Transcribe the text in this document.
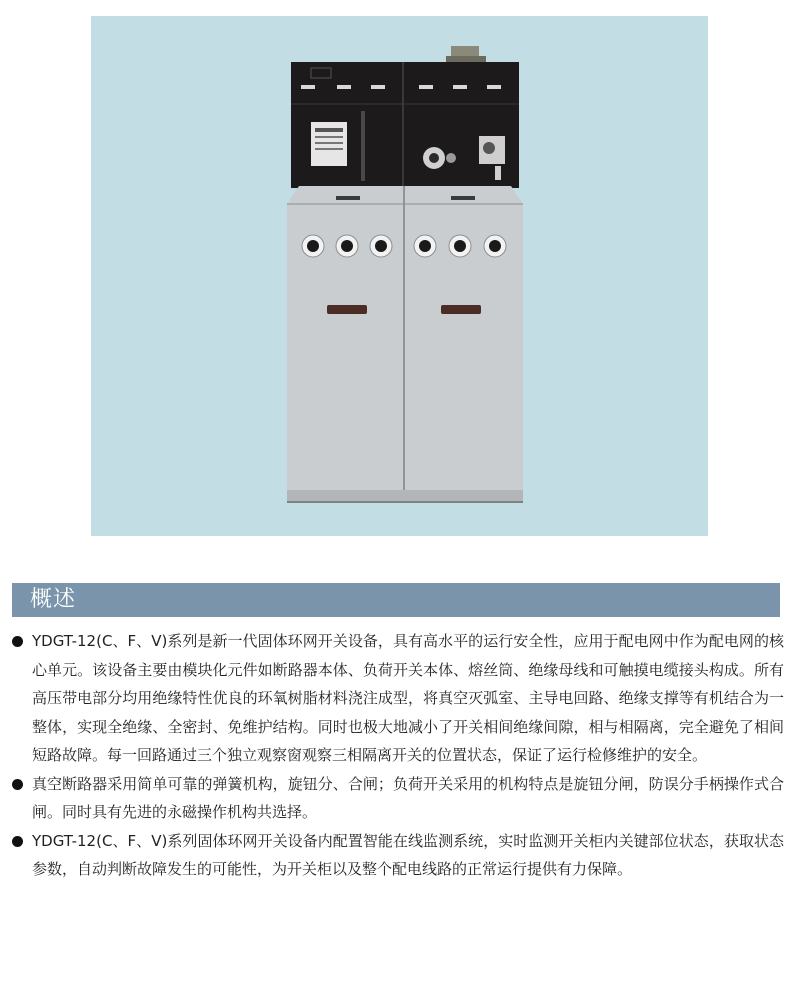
概述
YDGT-12(C、F、V)系列是新一代固体环网开关设备，具有高水平的运行安全性，应用于配电网中作为配电网的核心单元。该设备主要由模块化元件如断路器本体、负荷开关本体、熔丝筒、绝缘母线和可触摸电缆接头构成。所有高压带电部分均用绝缘特性优良的环氧树脂材料浇注成型，将真空灭弧室、主导电回路、绝缘支撑等有机结合为一整体，实现全绝缘、全密封、免维护结构。同时也极大地减小了开关相间绝缘间隙，相与相隔离，完全避免了相间短路故障。每一回路通过三个独立观察窗观察三相隔离开关的位置状态，保证了运行检修维护的安全。
真空断路器采用简单可靠的弹簧机构，旋钮分、合闸；负荷开关采用的机构特点是旋钮分闸，防误分手柄操作式合闸。同时具有先进的永磁操作机构共选择。
YDGT-12(C、F、V)系列固体环网开关设备内配置智能在线监测系统，实时监测开关柜内关键部位状态，获取状态参数，自动判断故障发生的可能性，为开关柜以及整个配电线路的正常运行提供有力保障。
